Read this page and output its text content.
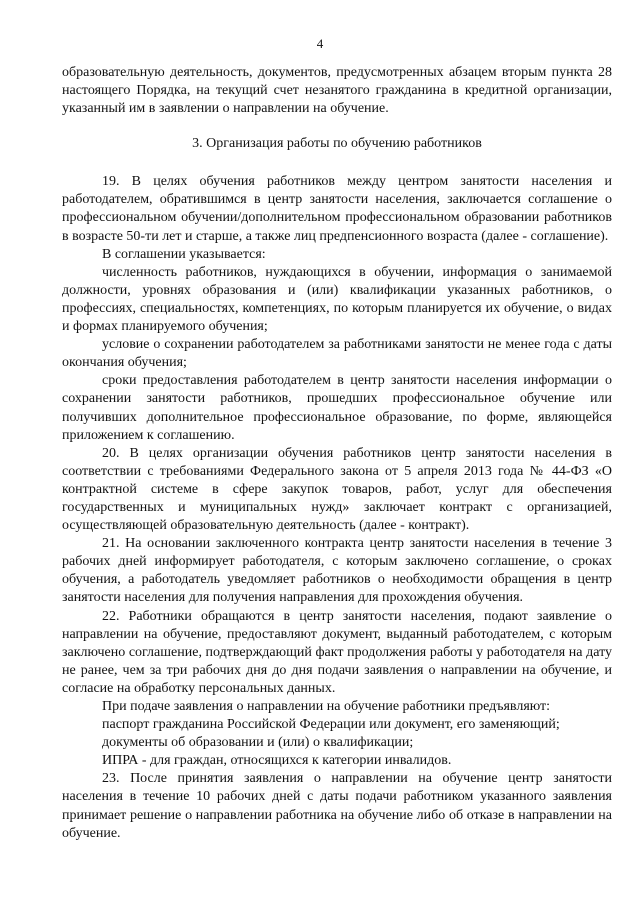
4

образовательную деятельность, документов, предусмотренных абзацем вторым пункта 28 настоящего Порядка, на текущий счет незанятого гражданина в кредитной организации, указанный им в заявлении о направлении на обучение.

3. Организация работы по обучению работников

19. В целях обучения работников между центром занятости населения и работодателем, обратившимся в центр занятости населения, заключается соглашение о профессиональном обучении/дополнительном профессиональном образовании работников в возрасте 50-ти лет и старше, а также лиц предпенсионного возраста (далее - соглашение).

В соглашении указывается:

численность работников, нуждающихся в обучении, информация о занимаемой должности, уровнях образования и (или) квалификации указанных работников, о профессиях, специальностях, компетенциях, по которым планируется их обучение, о видах и формах планируемого обучения;

условие о сохранении работодателем за работниками занятости не менее года с даты окончания обучения;

сроки предоставления работодателем в центр занятости населения информации о сохранении занятости работников, прошедших профессиональное обучение или получивших дополнительное профессиональное образование, по форме, являющейся приложением к соглашению.

20. В целях организации обучения работников центр занятости населения в соответствии с требованиями Федерального закона от 5 апреля 2013 года № 44-ФЗ «О контрактной системе в сфере закупок товаров, работ, услуг для обеспечения государственных и муниципальных нужд» заключает контракт с организацией, осуществляющей образовательную деятельность (далее - контракт).

21. На основании заключенного контракта центр занятости населения в течение 3 рабочих дней информирует работодателя, с которым заключено соглашение, о сроках обучения, а работодатель уведомляет работников о необходимости обращения в центр занятости населения для получения направления для прохождения обучения.

22. Работники обращаются в центр занятости населения, подают заявление о направлении на обучение, предоставляют документ, выданный работодателем, с которым заключено соглашение, подтверждающий факт продолжения работы у работодателя на дату не ранее, чем за три рабочих дня до дня подачи заявления о направлении на обучение, и согласие на обработку персональных данных.

При подаче заявления о направлении на обучение работники предъявляют:

паспорт гражданина Российской Федерации или документ, его заменяющий;

документы об образовании и (или) о квалификации;

ИПРА - для граждан, относящихся к категории инвалидов.

23. После принятия заявления о направлении на обучение центр занятости населения в течение 10 рабочих дней с даты подачи работником указанного заявления принимает решение о направлении работника на обучение либо об отказе в направлении на обучение.
